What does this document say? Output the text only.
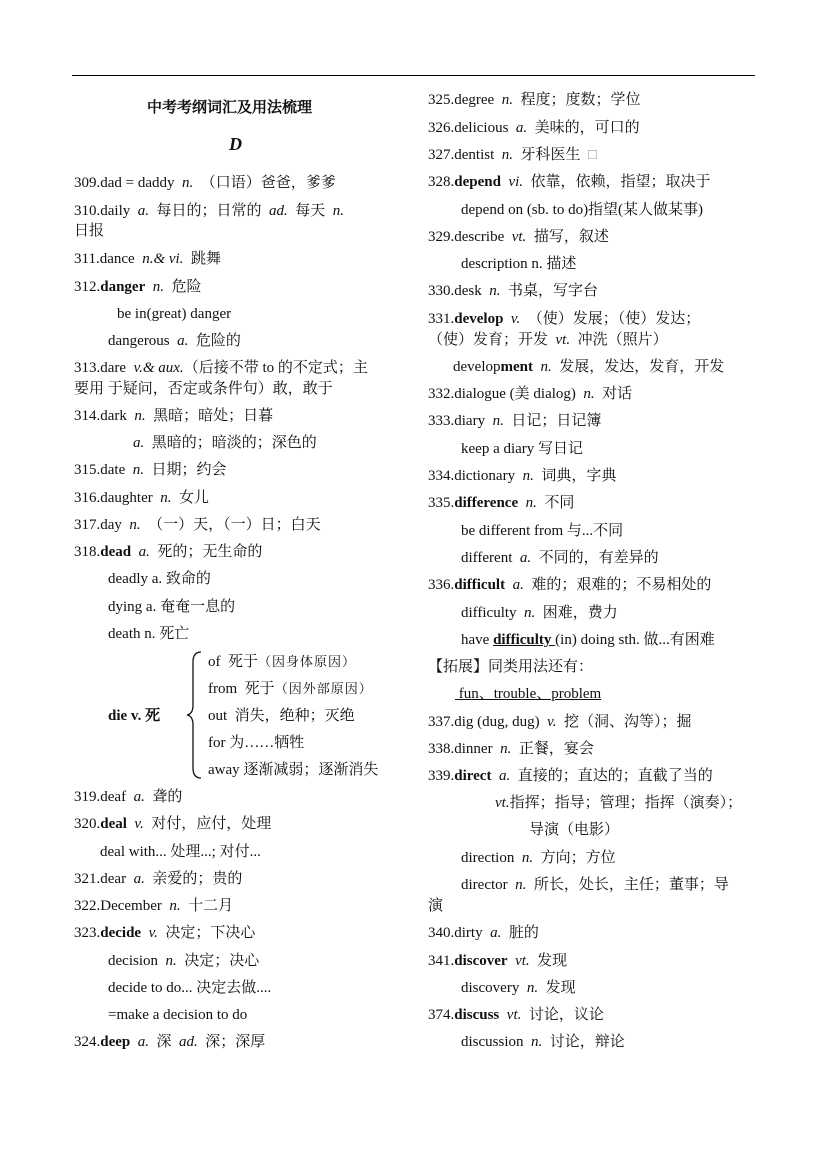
中考考纲词汇及用法梳理
D
309.dad = daddy n. （口语）爸爸，爹爹
310.daily a. 每日的；日常的 ad. 每天 n.
日报
311.dance n.& vi. 跳舞
312.danger n. 危险
be in(great) danger
dangerous a. 危险的
313.dare v.& aux.（后接不带 to 的不定式；主
要用 于疑问，否定或条件句）敢，敢于
314.dark n. 黑暗；暗处；日暮
a. 黑暗的；暗淡的；深色的
315.date n. 日期；约会
316.daughter n. 女儿
317.day n. （一）天，（一）日；白天
318.dead a. 死的；无生命的
deadly a. 致命的
dying a. 奄奄一息的
death n. 死亡
die v. 死
of 死于（因身体原因）
from 死于（因外部原因）
out 消失，绝种；灭绝
for 为……牺牲
away 逐渐减弱；逐渐消失
319.deaf a. 聋的
320.deal v. 对付，应付，处理
deal with... 处理...; 对付...
321.dear a. 亲爱的；贵的
322.December n. 十二月
323.decide v. 决定；下决心
decision n. 决定；决心
decide to do... 决定去做....
=make a decision to do
324.deep a. 深 ad. 深；深厚
325.degree n. 程度；度数；学位
326.delicious a. 美味的，可口的
327.dentist n. 牙科医生 □
328.depend vi. 依靠，依赖，指望；取决于
depend on (sb. to do)指望(某人做某事)
329.describe vt. 描写，叙述
description n. 描述
330.desk n. 书桌，写字台
331.develop v. （使）发展；（使）发达；
（使）发育；开发 vt. 冲洗（照片）
development n. 发展，发达，发育，开发
332.dialogue (美 dialog) n. 对话
333.diary n. 日记；日记簿
keep a diary 写日记
334.dictionary n. 词典，字典
335.difference n. 不同
be different from 与...不同
different a. 不同的，有差异的
336.difficult a. 难的；艰难的；不易相处的
difficulty n. 困难，费力
have difficulty (in) doing sth. 做...有困难
【拓展】同类用法还有：
fun、trouble、problem
337.dig (dug, dug) v. 挖（洞、沟等）；掘
338.dinner n. 正餐，宴会
339.direct a. 直接的；直达的；直截了当的
vt.指挥；指导；管理；指挥（演奏）；
导演（电影）
direction n. 方向；方位
director n. 所长，处长，主任；董事；导
演
340.dirty a. 脏的
341.discover vt. 发现
discovery n. 发现
374.discuss vt. 讨论，议论
discussion n. 讨论，辩论
